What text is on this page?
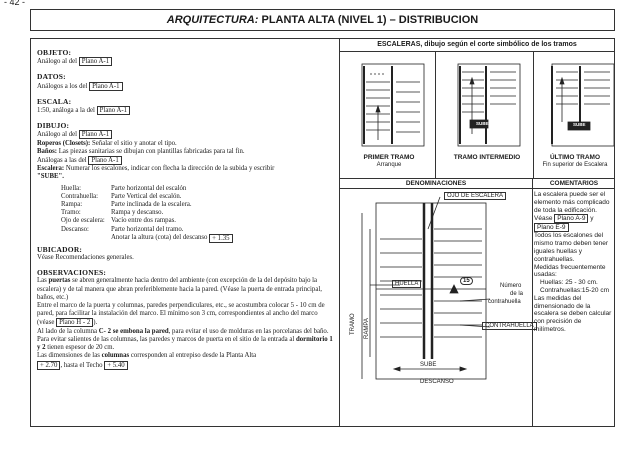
- 42 -
ARQUITECTURA:
PLANTA ALTA (NIVEL 1) – DISTRIBUCION
OBJETO:

Análogo al del Plano A-1

DATOS:

Análogos a los del Plano A-1

ESCALA:

1:50, análoga a la del Plano A-1

DIBUJO:

Análogo al del Plano A-1

Roperos (Closets): Señalar el sitio y anotar el tipo.

Baños: Las piezas sanitarias se dibujan con plantillas fabricadas para tal fin.

Análogas a las del Plano A-1

Escalera: Numerar los escalones, indicar con flecha la dirección de la subida y escribir

"SUBE".

Huella:	Parte horizontal del escalón
Contrahuella:	Parte Vertical del escalón.
Rampa:	Parte inclinada de la escalera.
Tramo:	Rampa y descanso.
Ojo de escalera: Vacío entre dos rampas.
Descanso:	Parte horizontal del tramo.
Anotar la altura (cota) del descanso
+ 1.35
UBICADOR:

Véase Recomendaciones generales.

OBSERVACIONES:

Las puertas se abren generalmente hacia dentro del ambiente (con excepción de la del depósito bajo la escalera) y de tal manera que abran preferiblemente hacia la pared. (Véase la puerta de entrada principal, baños, etc.)

Entre el marco de la puerta y columnas, paredes perpendiculares, etc., se acostumbra colocar 5 - 10 cm de pared, para facilitar la instalación del marco. El mínimo son 3 cm, correspondientes al ancho del marco (véase Plano H - 2 ).

Al lado de la columna C- 2 se embona la pared, para evitar el uso de molduras en las porcelanas del baño.

Para evitar salientes de las columnas, las paredes y marcos de puerta en el sitio de la entrada al dormitorio 1 y 2 tienen espesor de 20 cm.

Las dimensiones de las columnas corresponden al entrepiso desde la Planta Alta

+ 2.70 , hasta el Techo + 5.40

ESCALERAS, dibujo según el corte simbólico de los tramos
SUBE	SUBE
PRIMER TRAMO
Arranque
TRAMO INTERMEDIO	ÚLTIMO TRAMO
Fin superior de Escalera
DENOMINACIONES	COMENTARIOS
OJO DE ESCALERA
HUELLA	15
Número
de la
contrahuella
CONTRAHUELLA
TRAMO RAMPA
SUBE
DESCANSO
La escalera puede ser el elemento más complicado de toda la edificación.
Véase Plano A-9 y
Plano E-9
Todos los escalones del mismo tramo deben tener iguales huellas y contrahuellas.
Medidas frecuentemente usadas:
Huellas: 25 - 30 cm.
Contrahuellas:15-20 cm
Las medidas del dimensionado de la escalera se deben calcular con precisión de milímetros.
